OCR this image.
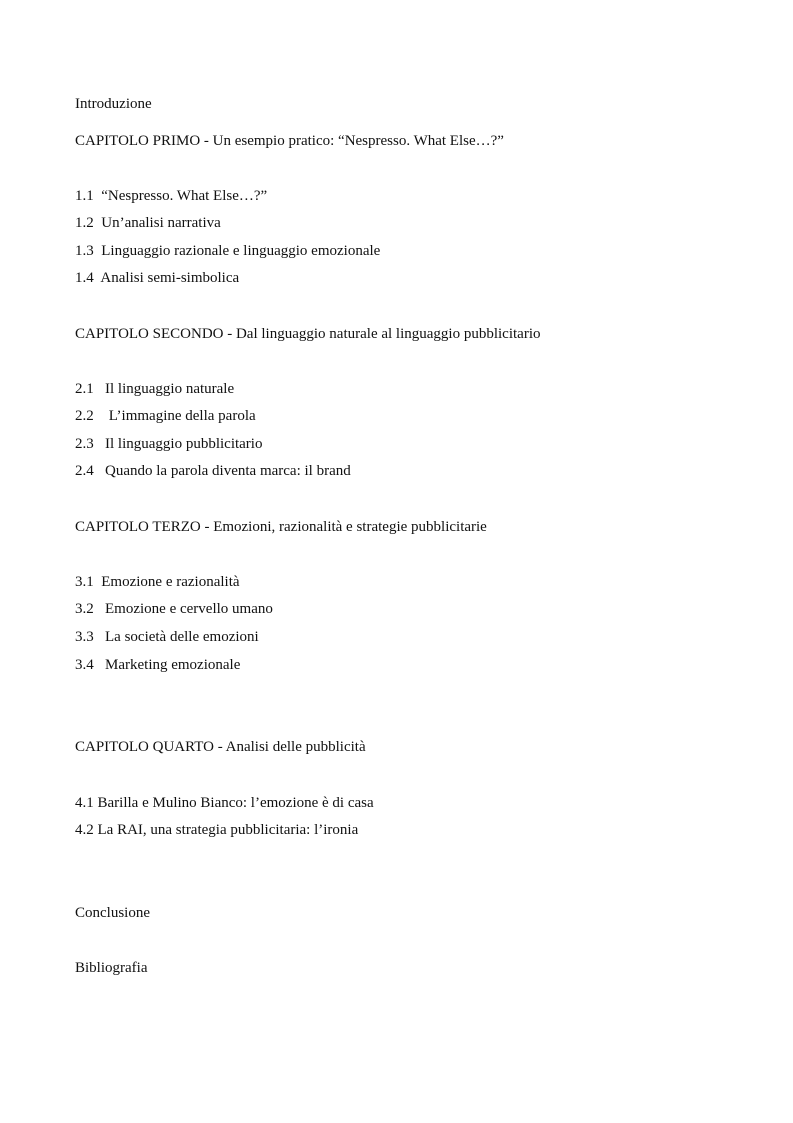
Introduzione
CAPITOLO PRIMO - Un esempio pratico: “Nespresso. What Else…?”
1.1  “Nespresso. What Else…?”
1.2  Un’analisi narrativa
1.3  Linguaggio razionale e linguaggio emozionale
1.4  Analisi semi-simbolica
CAPITOLO SECONDO - Dal linguaggio naturale al linguaggio pubblicitario
2.1   Il linguaggio naturale
2.2    L’immagine della parola
2.3   Il linguaggio pubblicitario
2.4   Quando la parola diventa marca: il brand
CAPITOLO TERZO - Emozioni, razionalità e strategie pubblicitarie
3.1  Emozione e razionalità
3.2   Emozione e cervello umano
3.3   La società delle emozioni
3.4   Marketing emozionale
CAPITOLO QUARTO - Analisi delle pubblicità
4.1 Barilla e Mulino Bianco: l’emozione è di casa
4.2 La RAI, una strategia pubblicitaria: l’ironia
Conclusione
Bibliografia
